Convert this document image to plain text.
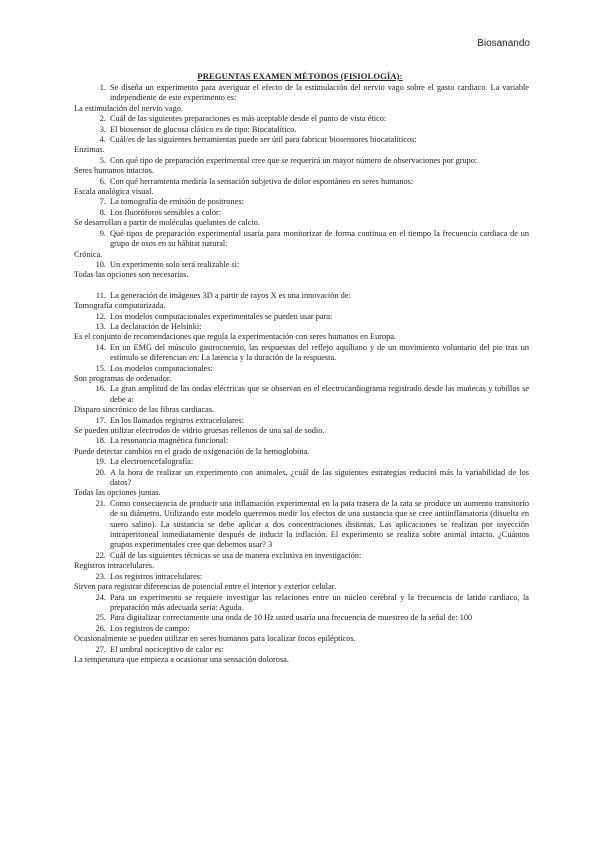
Biosanando
PREGUNTAS EXAMEN MÉTODOS (FISIOLOGÍA):
1. Se diseña un experimento para averiguar el efecto de la estimulación del nervio vago sobre el gasto cardiaco. La variable independiente de este experimento es:
La estimulación del nervio vago.
2. Cuál de las siguientes preparaciones es más aceptable desde el punto de vista ético:
3. El biosensor de glucosa clásico es de tipo: Biocatalítico.
4. Cuál/es de las siguientes herramientas puede ser útil para fabricar biosensores biocatalíticos:
Enzimas.
5. Con qué tipo de preparación experimental cree que se requerirá un mayor número de observaciones por grupo:
Seres humanos intactos.
6. Con qué herramienta mediría la sensación subjetiva de dolor espontáneo en seres humanos:
Escala analógica visual.
7. La tomografía de emisión de positrones:
8. Los fluoróforos sensibles a color:
Se desarrollan a partir de moléculas quelantes de calcio.
9. Qué tipos de preparación experimental usaría para monitorizar de forma continua en el tiempo la frecuencia cardiaca de un grupo de osos en su hábitat natural:
Crónica.
10. Un experimento solo será realizable si:
Todas las opciones son necesarias.
11. La generación de imágenes 3D a partir de rayos X es una innovación de:
Tomografía computarizada.
12. Los modelos computacionales experimentales se pueden usar para:
13. La declaración de Helsinki:
Es el conjunto de recomendaciones que regula la experimentación con seres humanos en Europa.
14. En un EMG del músculo gastrocnemio, las respuestas del reflejo aquíliano y de un movimiento voluntario del pie tras un estímulo se diferencian en: La latencia y la duración de la respuesta.
15. Los modelos computacionales:
Son programas de ordenador.
16. La gran amplitud de las ondas eléctricas que se observan en el electrocardiograma registrado desde las muñecas y tobillos se debe a:
Disparo sincrónico de las fibras cardiacas.
17. En los llamados registros extracelulares:
Se pueden utilizar electrodos de vidrio gruesas rellenos de una sal de sodio.
18. La resonancia magnética funcional:
Puede detectar cambios en el grado de oxigenación de la hemoglobina.
19. La electroencefalografía:
20. A la hora de realizar un experimento con animales, ¿cuál de las siguientes estrategias reducirá más la variabilidad de los datos?
Todas las opciones juntas.
21. Como consecuencia de producir una inflamación experimental en la pata trasera de la rata se produce un aumento transitorio de su diámetro. Utilizando este modelo queremos medir los efectos de una sustancia que se cree antiinflamatoria (disuelta en suero salino). La sustancia se debe aplicar a dos concentraciones distintas. Las aplicaciones se realizan por inyección intraperitoneal inmediatamente después de inducir la inflación. El experimento se realiza sobre animal intacto. ¿Cuántos grupos experimentales cree que debemos usar? 3
22. Cuál de las siguientes técnicas se usa de manera exclusiva en investigación:
Registros intracelulares.
23. Los registros intracelulares:
Sirven para registrar diferencias de potencial entre el interior y exterior celular.
24. Para un experimento se requiere investigar las relaciones entre un núcleo cerebral y la frecuencia de latido cardiaco, la preparación más adecuada sería: Aguda.
25. Para digitalizar correctamente una onda de 10 Hz usted usaría una frecuencia de muestreo de la señal de: 100
26. Los registros de campo:
Ocasionalmente se pueden utilizar en seres humanos para localizar focos epilépticos.
27. El umbral nociceptivo de calor es:
La temperatura que empieza a ocasionar una sensación dolorosa.
